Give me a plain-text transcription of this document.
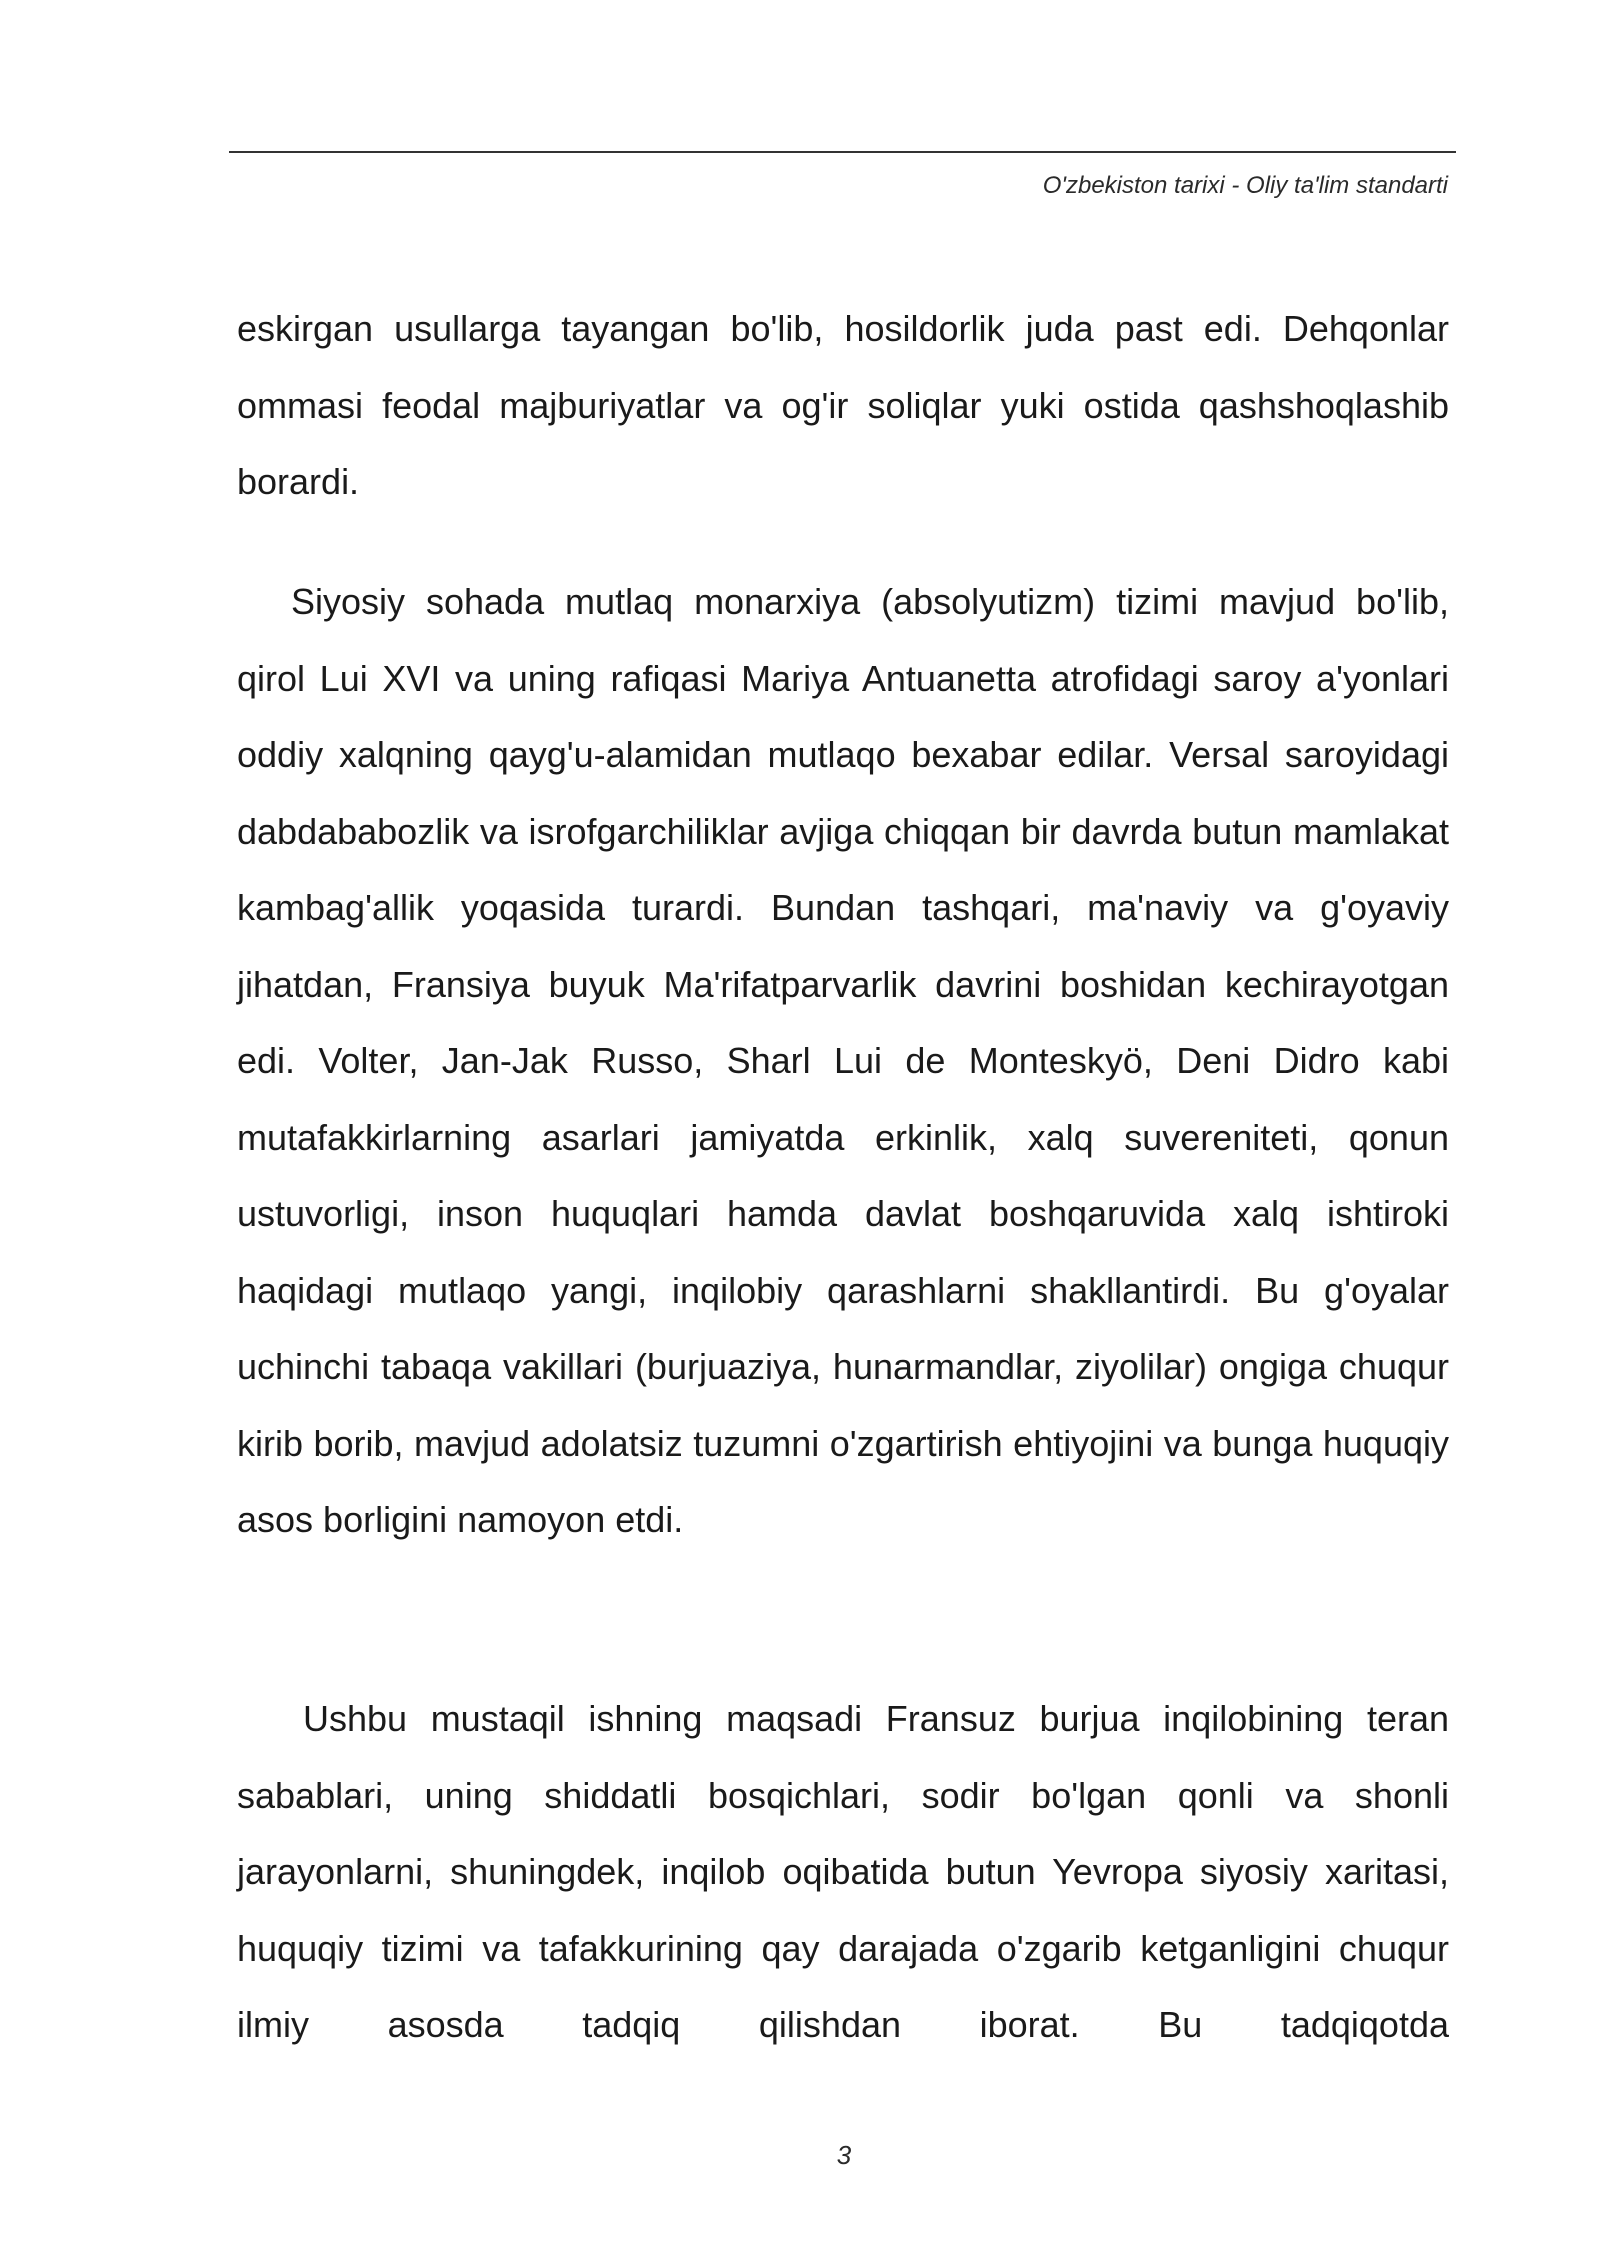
O'zbekiston tarixi - Oliy ta'lim standarti

eskirgan usullarga tayangan bo'lib, hosildorlik juda past edi. Dehqonlar ommasi feodal majburiyatlar va og'ir soliqlar yuki ostida qashshoqlashib borardi.

Siyosiy sohada mutlaq monarxiya (absolyutizm) tizimi mavjud bo'lib, qirol Lui XVI va uning rafiqasi Mariya Antuanetta atrofidagi saroy a'yonlari oddiy xalqning qayg'u-alamidan mutlaqo bexabar edilar. Versal saroyidagi dabdababozlik va isrofgarchiliklar avjiga chiqqan bir davrda butun mamlakat kambag'allik yoqasida turardi. Bundan tashqari, ma'naviy va g'oyaviy jihatdan, Fransiya buyuk Ma'rifatparvarlik davrini boshidan kechirayotgan edi. Volter, Jan-Jak Russo, Sharl Lui de Monteskyö, Deni Didro kabi mutafakkirlarning asarlari jamiyatda erkinlik, xalq suvereniteti, qonun ustuvorligi, inson huquqlari hamda davlat boshqaruvida xalq ishtiroki haqidagi mutlaqo yangi, inqilobiy qarashlarni shakllantirdi. Bu g'oyalar uchinchi tabaqa vakillari (burjuaziya, hunarmandlar, ziyolilar) ongiga chuqur kirib borib, mavjud adolatsiz tuzumni o'zgartirish ehtiyojini va bunga huquqiy asos borligini namoyon etdi.

Ushbu mustaqil ishning maqsadi Fransuz burjua inqilobining teran sabablari, uning shiddatli bosqichlari, sodir bo'lgan qonli va shonli jarayonlarni, shuningdek, inqilob oqibatida butun Yevropa siyosiy xaritasi, huquqiy tizimi va tafakkurining qay darajada o'zgarib ketganligini chuqur ilmiy asosda tadqiq qilishdan iborat. Bu tadqiqotda

3
